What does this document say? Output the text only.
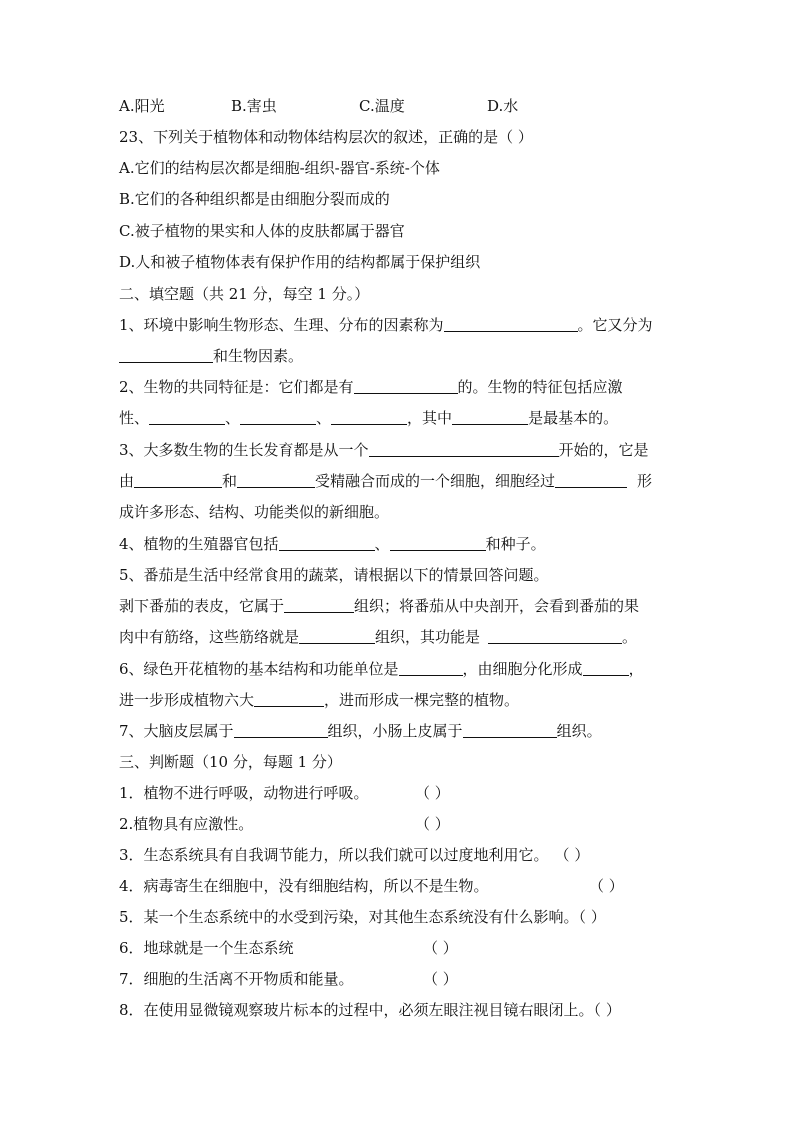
A.阳光	B.害虫	C.温度	D.水
23、下列关于植物体和动物体结构层次的叙述，正确的是（ ）
A.它们的结构层次都是细胞-组织-器官-系统-个体
B.它们的各种组织都是由细胞分裂而成的
C.被子植物的果实和人体的皮肤都属于器官
D.人和被子植物体表有保护作用的结构都属于保护组织
二、填空题（共 21 分，每空 1 分。）
1、环境中影响生物形态、生理、分布的因素称为	。它又分为
和生物因素。
2、生物的共同特征是：它们都是有	的。生物的特征包括应激
性、	、	、	，其中	是最基本的。
3、大多数生物的生长发育都是从一个	开始的，它是
由	和	受精融合而成的一个细胞，细胞经过	形
成许多形态、结构、功能类似的新细胞。
4、植物的生殖器官包括	、	和种子。
5、番茄是生活中经常食用的蔬菜，请根据以下的情景回答问题。
剥下番茄的表皮，它属于	组织；将番茄从中央剖开，会看到番茄的果
肉中有筋络，这些筋络就是	组织，其功能是	。
6、绿色开花植物的基本结构和功能单位是	，由细胞分化形成	，
进一步形成植物六大	，进而形成一棵完整的植物。
7、大脑皮层属于	组织，小肠上皮属于	组织。
三、判断题（10 分，每题 1 分）
1．植物不进行呼吸，动物进行呼吸。	（ ）
2.植物具有应激性。	（ ）
3．生态系统具有自我调节能力，所以我们就可以过度地利用它。 （ ）
4．病毒寄生在细胞中，没有细胞结构，所以不是生物。	（ ）
5．某一个生态系统中的水受到污染，对其他生态系统没有什么影响。（ ）
6．地球就是一个生态系统	（ ）
7．细胞的生活离不开物质和能量。	（ ）
8．在使用显微镜观察玻片标本的过程中，必须左眼注视目镜右眼闭上。（ ）
